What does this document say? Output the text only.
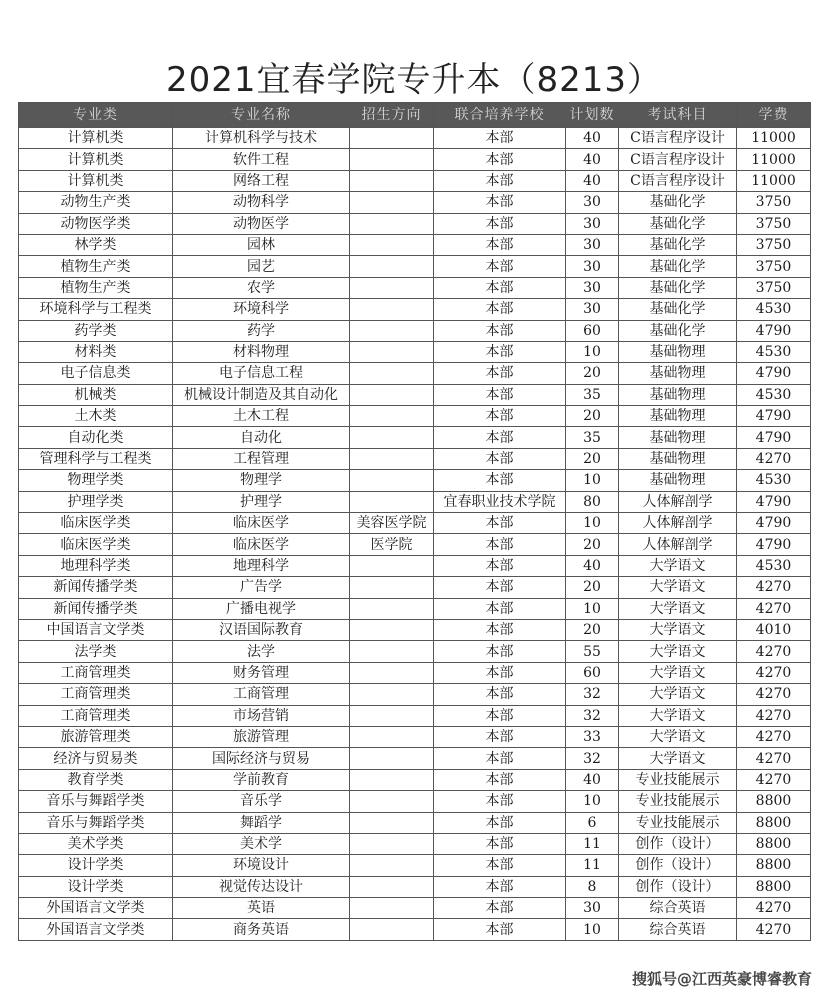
2021宜春学院专升本（8213）
专业类	专业名称	招生方向	联合培养学校	计划数	考试科目	学费
计算机类	计算机科学与技术		本部	40	C语言程序设计	11000
计算机类	软件工程		本部	40	C语言程序设计	11000
计算机类	网络工程		本部	40	C语言程序设计	11000
动物生产类	动物科学		本部	30	基础化学	3750
动物医学类	动物医学		本部	30	基础化学	3750
林学类	园林		本部	30	基础化学	3750
植物生产类	园艺		本部	30	基础化学	3750
植物生产类	农学		本部	30	基础化学	3750
环境科学与工程类	环境科学		本部	30	基础化学	4530
药学类	药学		本部	60	基础化学	4790
材料类	材料物理		本部	10	基础物理	4530
电子信息类	电子信息工程		本部	20	基础物理	4790
机械类	机械设计制造及其自动化		本部	35	基础物理	4530
土木类	土木工程		本部	20	基础物理	4790
自动化类	自动化		本部	35	基础物理	4790
管理科学与工程类	工程管理		本部	20	基础物理	4270
物理学类	物理学		本部	10	基础物理	4530
护理学类	护理学		宜春职业技术学院	80	人体解剖学	4790
临床医学类	临床医学	美容医学院	本部	10	人体解剖学	4790
临床医学类	临床医学	医学院	本部	20	人体解剖学	4790
地理科学类	地理科学		本部	40	大学语文	4530
新闻传播学类	广告学		本部	20	大学语文	4270
新闻传播学类	广播电视学		本部	10	大学语文	4270
中国语言文学类	汉语国际教育		本部	20	大学语文	4010
法学类	法学		本部	55	大学语文	4270
工商管理类	财务管理		本部	60	大学语文	4270
工商管理类	工商管理		本部	32	大学语文	4270
工商管理类	市场营销		本部	32	大学语文	4270
旅游管理类	旅游管理		本部	33	大学语文	4270
经济与贸易类	国际经济与贸易		本部	32	大学语文	4270
教育学类	学前教育		本部	40	专业技能展示	4270
音乐与舞蹈学类	音乐学		本部	10	专业技能展示	8800
音乐与舞蹈学类	舞蹈学		本部	6	专业技能展示	8800
美术学类	美术学		本部	11	创作（设计）	8800
设计学类	环境设计		本部	11	创作（设计）	8800
设计学类	视觉传达设计		本部	8	创作（设计）	8800
外国语言文学类	英语		本部	30	综合英语	4270
外国语言文学类	商务英语		本部	10	综合英语	4270
搜狐号@江西英豪博睿教育
